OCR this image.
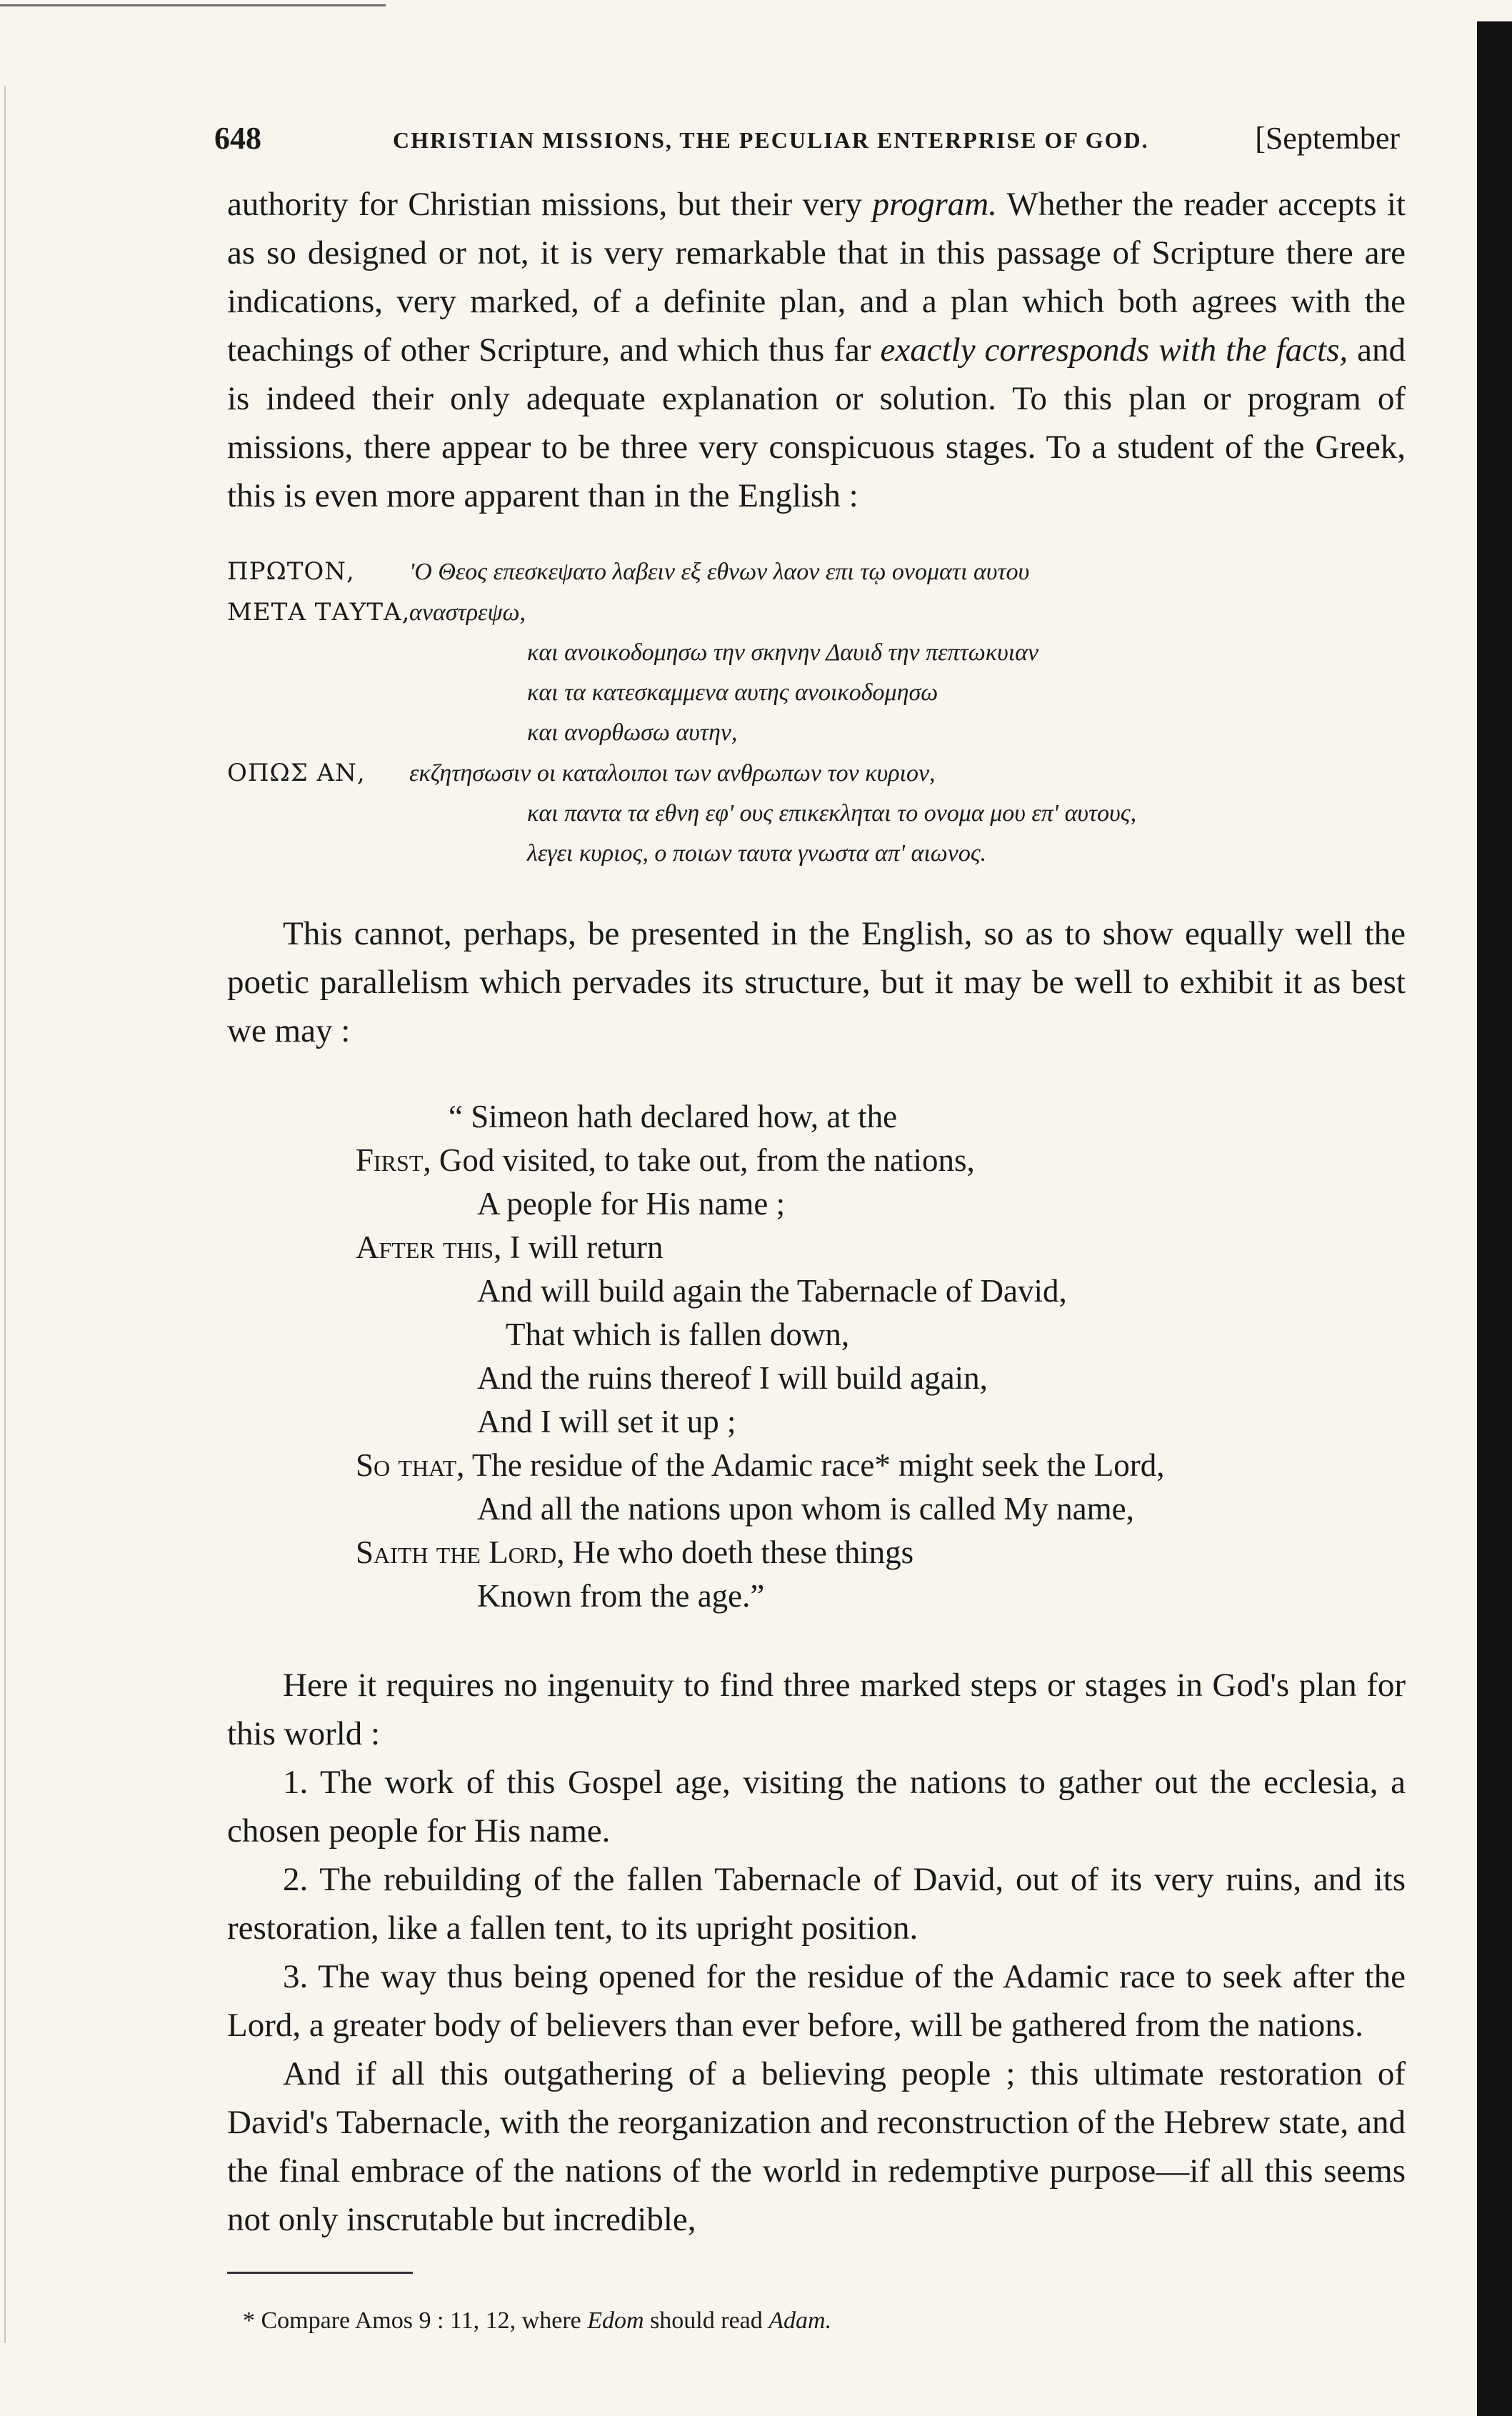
648	CHRISTIAN MISSIONS, THE PECULIAR ENTERPRISE OF GOD.	[September

authority for Christian missions, but their very program. Whether the reader accepts it as so designed or not, it is very remarkable that in this passage of Scripture there are indications, very marked, of a definite plan, and a plan which both agrees with the teachings of other Scripture, and which thus far exactly corresponds with the facts, and is indeed their only adequate explanation or solution. To this plan or program of missions, there appear to be three very conspicuous stages. To a student of the Greek, this is even more apparent than in the English :

ΠΡΩΤΟΝ, 'Ο Θεος επεσκεψατο λαβειν εξ εθνων λαον επι τῳ ονοματι αυτου
ΜΕΤΑ ΤΑΥΤΑ,αναστρεψω,
και ανοικοδομησω την σκηνην Δαυιδ την πεπτωκυιαν
και τα κατεσκαμμενα αυτης ανοικοδομησω
και ανορθωσω αυτην,
ΟΠΩΣ ΑΝ, εκζητησωσιν οι καταλοιποι των ανθρωπων τον κυριον,
και παντα τα εθνη εφ' ους επικεκληται το ονομα μου επ' αυτους,
λεγει κυριος, ο ποιων ταυτα γνωστα απ' αιωνος.

This cannot, perhaps, be presented in the English, so as to show equally well the poetic parallelism which pervades its structure, but it may be well to exhibit it as best we may :

“ Simeon hath declared how, at the
First, God visited, to take out, from the nations,
A people for His name ;
After this, I will return
And will build again the Tabernacle of David,
That which is fallen down,
And the ruins thereof I will build again,
And I will set it up ;
So that, The residue of the Adamic race* might seek the Lord,
And all the nations upon whom is called My name,
Saith the Lord, He who doeth these things
Known from the age.”

Here it requires no ingenuity to find three marked steps or stages in God's plan for this world :

1. The work of this Gospel age, visiting the nations to gather out the ecclesia, a chosen people for His name.

2. The rebuilding of the fallen Tabernacle of David, out of its very ruins, and its restoration, like a fallen tent, to its upright position.

3. The way thus being opened for the residue of the Adamic race to seek after the Lord, a greater body of believers than ever before, will be gathered from the nations.

And if all this outgathering of a believing people ; this ultimate restoration of David's Tabernacle, with the reorganization and reconstruction of the Hebrew state, and the final embrace of the nations of the world in redemptive purpose—if all this seems not only inscrutable but incredible,

* Compare Amos 9 : 11, 12, where Edom should read Adam.
